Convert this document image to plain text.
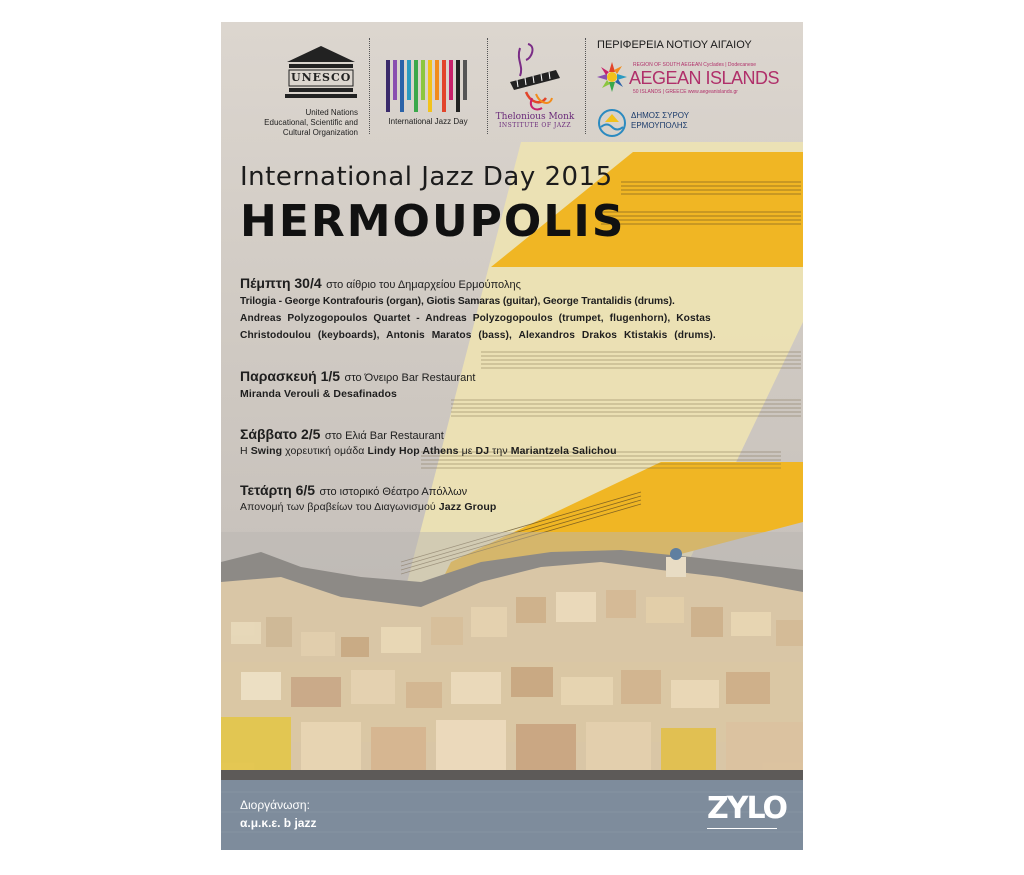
UNESCO
United Nations
Educational, Scientific and
Cultural Organization
International Jazz Day	Thelonious Monk
INSTITUTE OF JAZZ
ΠΕΡΙΦΕΡΕΙΑ ΝΟΤΙΟΥ ΑΙΓΑΙΟΥ
REGION OF SOUTH AEGEAN Cyclades | Dodecanese
AEGEAN ISLANDS
50 ISLANDS | GREECE www.aegeanislands.gr
ΔΗΜΟΣ ΣΥΡΟΥ
ΕΡΜΟΥΠΟΛΗΣ
International Jazz Day 2015
HERMOUPOLIS
Πέμπτη 30/4 στο αίθριο του Δημαρχείου Ερμούπολης
Trilogia - George Kontrafouris (organ), Giotis Samaras (guitar), George Trantalidis (drums).
Andreas Polyzogopoulos Quartet - Andreas Polyzogopoulos (trumpet, flugenhorn), Kostas
Christodoulou (keyboards), Antonis Maratos (bass), Alexandros Drakos Ktistakis (drums).
Παρασκευή 1/5 στο Όνειρο Bar Restaurant
Miranda Verouli & Desafinados
Σάββατο 2/5 στο Ελιά Bar Restaurant
Η Swing χορευτική ομάδα Lindy Hop Athens με DJ την Mariantzela Salichou
Τετάρτη 6/5 στο ιστορικό Θέατρο Απόλλων
Απονομή των βραβείων του Διαγωνισμού Jazz Group
Διοργάνωση:
α.μ.κ.ε. b jazz	ZYLO
